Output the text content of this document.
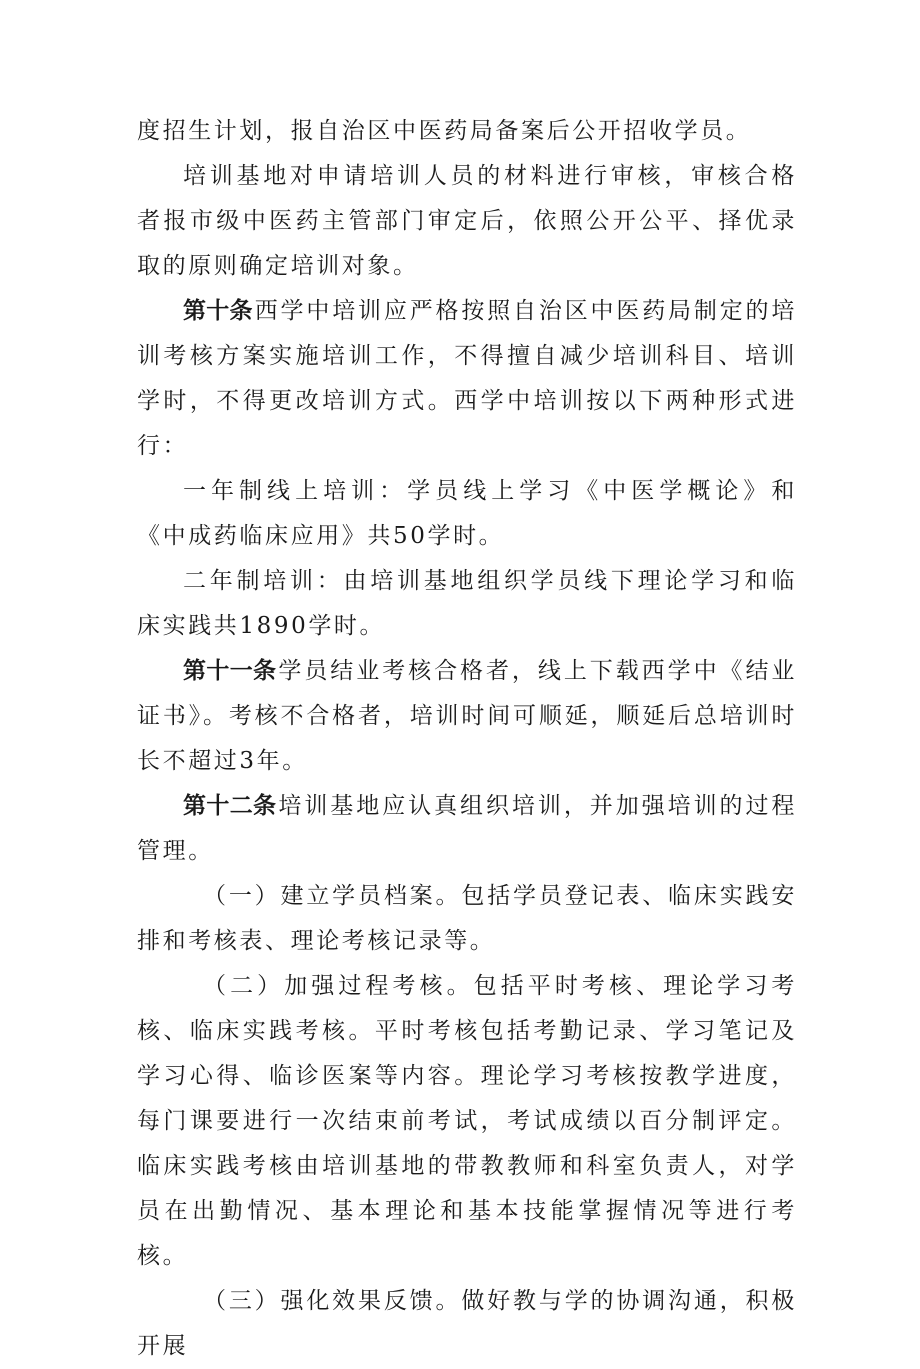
度招生计划，报自治区中医药局备案后公开招收学员。

培训基地对申请培训人员的材料进行审核，审核合格者报市级中医药主管部门审定后，依照公开公平、择优录取的原则确定培训对象。

第十条西学中培训应严格按照自治区中医药局制定的培训考核方案实施培训工作，不得擅自减少培训科目、培训学时，不得更改培训方式。西学中培训按以下两种形式进行：

一年制线上培训：学员线上学习《中医学概论》和《中成药临床应用》共50学时。

二年制培训：由培训基地组织学员线下理论学习和临床实践共1890学时。

第十一条学员结业考核合格者，线上下载西学中《结业证书》。考核不合格者，培训时间可顺延，顺延后总培训时长不超过3年。

第十二条培训基地应认真组织培训，并加强培训的过程管理。

（一）建立学员档案。包括学员登记表、临床实践安排和考核表、理论考核记录等。

（二）加强过程考核。包括平时考核、理论学习考核、临床实践考核。平时考核包括考勤记录、学习笔记及学习心得、临诊医案等内容。理论学习考核按教学进度，每门课要进行一次结束前考试，考试成绩以百分制评定。临床实践考核由培训基地的带教教师和科室负责人，对学员在出勤情况、基本理论和基本技能掌握情况等进行考核。

（三）强化效果反馈。做好教与学的协调沟通，积极开展
